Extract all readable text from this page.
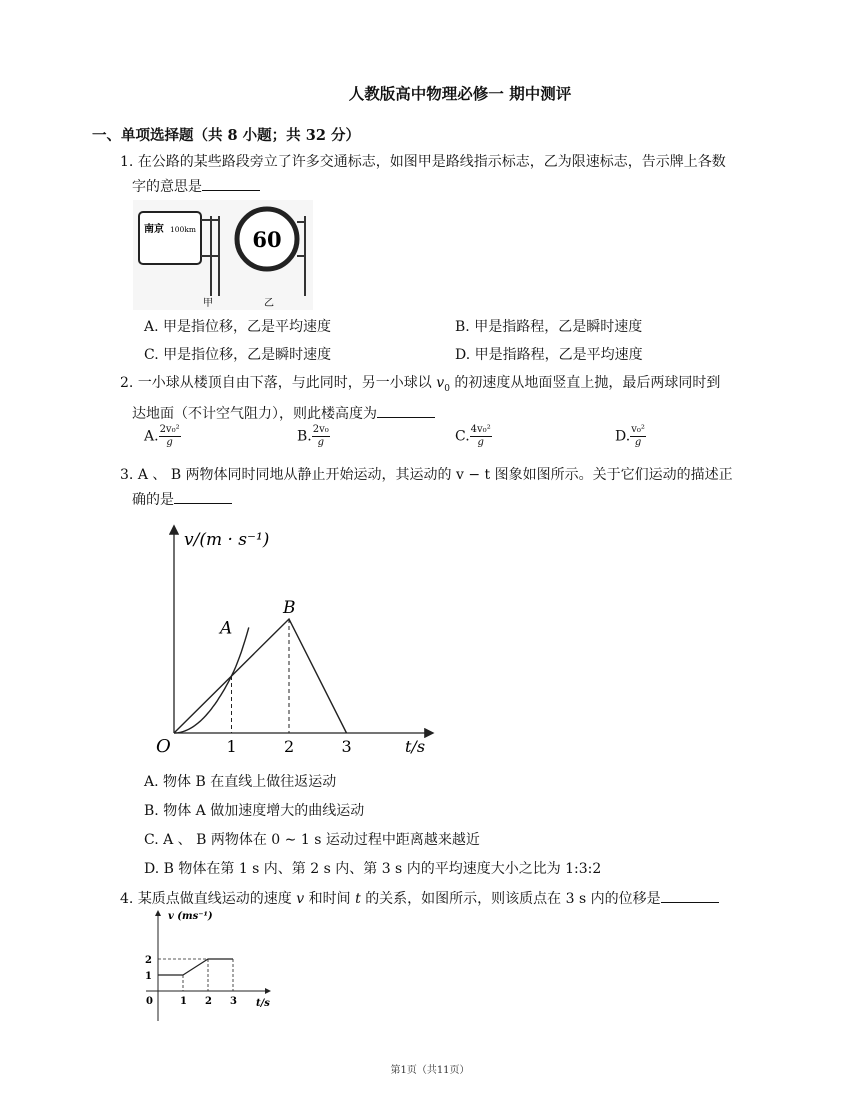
人教版高中物理必修一 期中测评
一、单项选择题（共 8 小题；共 32 分）
1. 在公路的某些路段旁立了许多交通标志，如图甲是路线指示标志，乙为限速标志，告示牌上各数
字的意思是
南京 100km	60
甲	乙
A. 甲是指位移，乙是平均速度	B. 甲是指路程，乙是瞬时速度
C. 甲是指位移，乙是瞬时速度	D. 甲是指路程，乙是平均速度
2. 一小球从楼顶自由下落，与此同时，另一小球以 $v_0$ 的初速度从地面竖直上抛，最后两球同时到
达地面（不计空气阻力），则此楼高度为
A. $\frac{\text{2v₀²}}{g}$	B. $\frac{\text{2v₀}}{g}$	C. $\frac{\text{4v₀²}}{g}$	D. $\frac{\text{v₀²}}{g}$
3. A 、 B 两物体同时同地从静止开始运动，其运动的 v − t 图象如图所示。关于它们运动的描述正
确的是
v/(m · s⁻¹)
t/s
O	1	2	3
B
A
A. 物体 B 在直线上做往返运动
B. 物体 A 做加速度增大的曲线运动
C. A 、 B 两物体在 0 ∼ 1 s 运动过程中距离越来越近
D. B 物体在第 1 s 内、第 2 s 内、第 3 s 内的平均速度大小之比为 1:3:2
4. 某质点做直线运动的速度 v 和时间 t 的关系，如图所示，则该质点在 3 s 内的位移是
v (ms⁻¹)
t/s
0	1 2 3
1
2
第1页（共11页）
